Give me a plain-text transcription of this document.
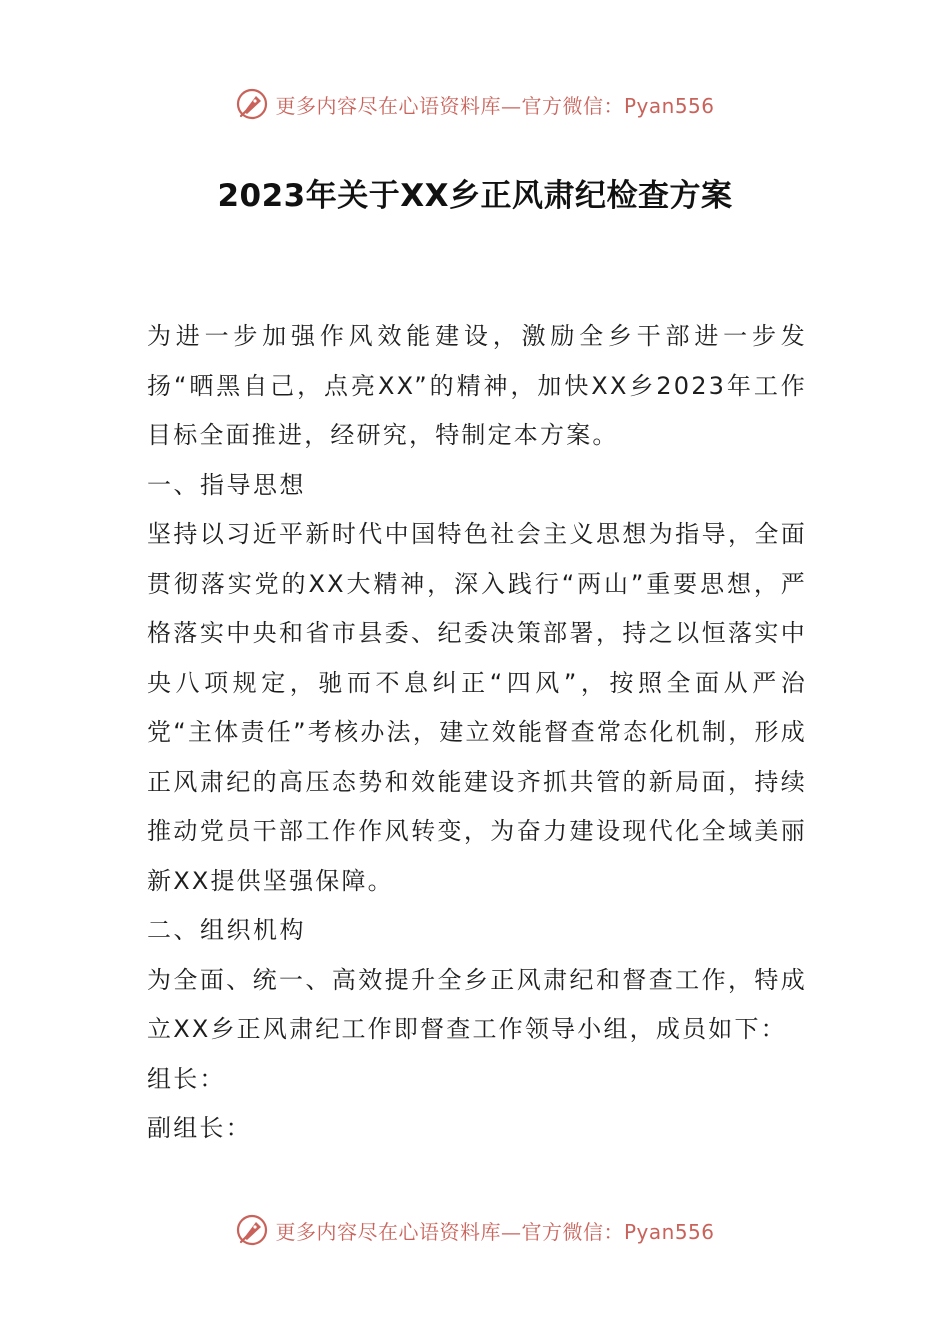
更多内容尽在心语资料库—官方微信：Pyan556
2023年关于XX乡正风肃纪检查方案

为进一步加强作风效能建设，激励全乡干部进一步发扬“晒黑自己，点亮XX”的精神，加快XX乡2023年工作目标全面推进，经研究，特制定本方案。

一、指导思想

坚持以习近平新时代中国特色社会主义思想为指导，全面贯彻落实党的XX大精神，深入践行“两山”重要思想，严格落实中央和省市县委、纪委决策部署，持之以恒落实中央八项规定，驰而不息纠正“四风”，按照全面从严治党“主体责任”考核办法，建立效能督查常态化机制，形成正风肃纪的高压态势和效能建设齐抓共管的新局面，持续推动党员干部工作作风转变，为奋力建设现代化全域美丽新XX提供坚强保障。

二、组织机构

为全面、统一、高效提升全乡正风肃纪和督查工作，特成立XX乡正风肃纪工作即督查工作领导小组，成员如下：

组长：

副组长：

更多内容尽在心语资料库—官方微信：Pyan556
